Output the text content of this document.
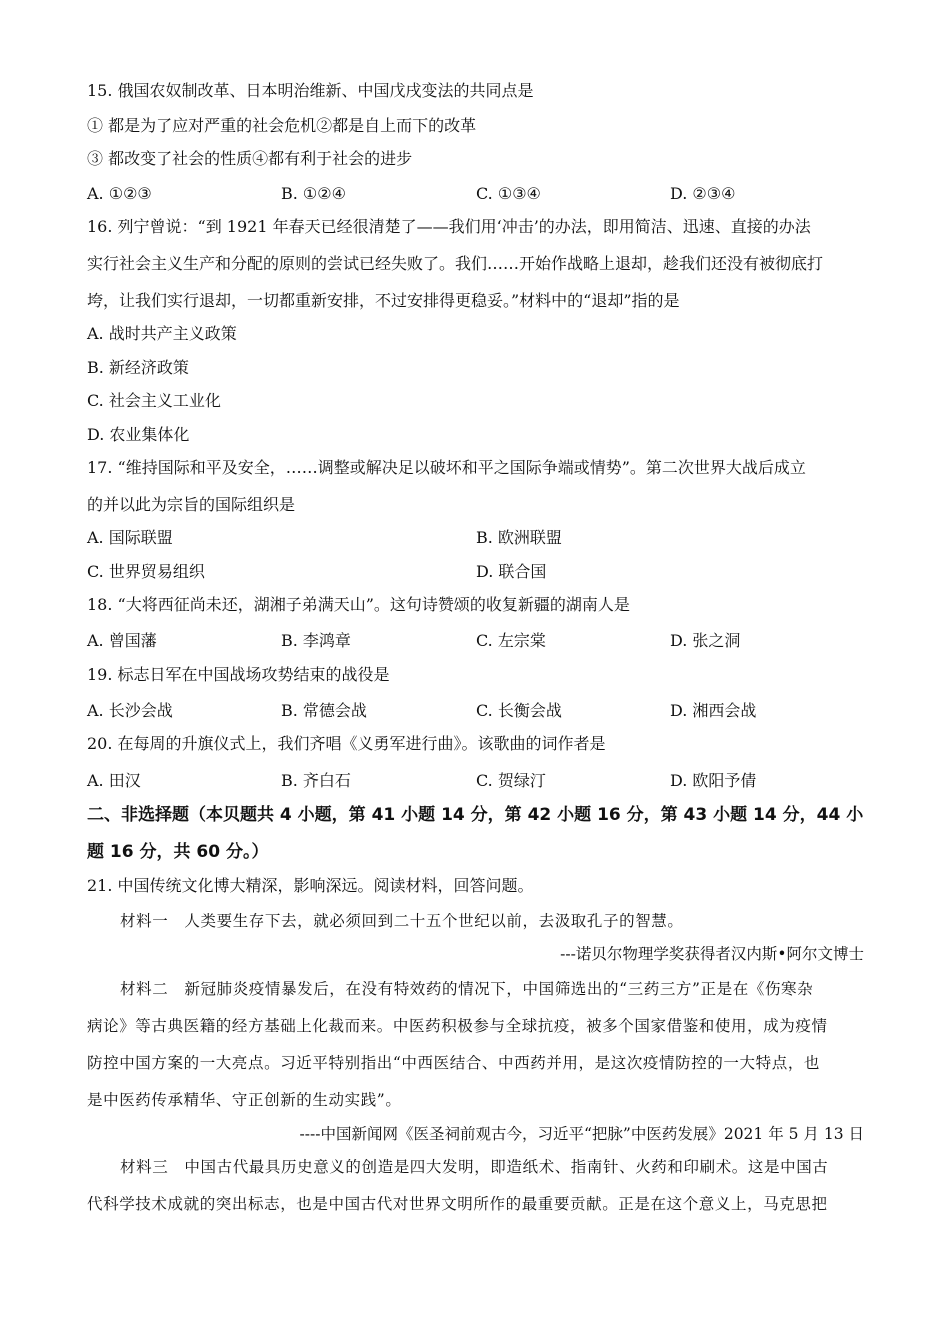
15. 俄国农奴制改革、日本明治维新、中国戊戌变法的共同点是
① 都是为了应对严重的社会危机②都是自上而下的改革
③ 都改变了社会的性质④都有利于社会的进步
A. ①②③	B. ①②④	C. ①③④	D. ②③④
16. 列宁曾说：“到 1921 年春天已经很清楚了——我们用‘冲击’的办法，即用简洁、迅速、直接的办法
实行社会主义生产和分配的原则的尝试已经失败了。我们……开始作战略上退却，趁我们还没有被彻底打
垮，让我们实行退却，一切都重新安排，不过安排得更稳妥。”材料中的“退却”指的是
A. 战时共产主义政策
B. 新经济政策
C. 社会主义工业化
D. 农业集体化
17. “维持国际和平及安全，……调整或解决足以破坏和平之国际争端或情势”。第二次世界大战后成立
的并以此为宗旨的国际组织是
A. 国际联盟	B. 欧洲联盟
C. 世界贸易组织	D. 联合国
18. “大将西征尚未还，湖湘子弟满天山”。这句诗赞颂的收复新疆的湖南人是
A. 曾国藩	B. 李鸿章	C. 左宗棠	D. 张之洞
19. 标志日军在中国战场攻势结束的战役是
A. 长沙会战	B. 常德会战	C. 长衡会战	D. 湘西会战
20. 在每周的升旗仪式上，我们齐唱《义勇军进行曲》。该歌曲的词作者是
A. 田汉	B. 齐白石	C. 贺绿汀	D. 欧阳予倩
二、非选择题（本贝题共 4 小题，第 41 小题 14 分，第 42 小题 16 分，第 43 小题 14 分，44 小
题 16 分，共 60 分。）
21. 中国传统文化博大精深，影响深远。阅读材料，回答问题。
材料一　人类要生存下去，就必须回到二十五个世纪以前，去汲取孔子的智慧。
---诺贝尔物理学奖获得者汉内斯•阿尔文博士
材料二　新冠肺炎疫情暴发后，在没有特效药的情况下，中国筛选出的“三药三方”正是在《伤寒杂
病论》等古典医籍的经方基础上化裁而来。中医药积极参与全球抗疫，被多个国家借鉴和使用，成为疫情
防控中国方案的一大亮点。习近平特别指出“中西医结合、中西药并用，是这次疫情防控的一大特点，也
是中医药传承精华、守正创新的生动实践”。
----中国新闻网《医圣祠前观古今，习近平“把脉”中医药发展》2021 年 5 月 13 日
材料三　中国古代最具历史意义的创造是四大发明，即造纸术、指南针、火药和印刷术。这是中国古
代科学技术成就的突出标志，也是中国古代对世界文明所作的最重要贡献。正是在这个意义上，马克思把
